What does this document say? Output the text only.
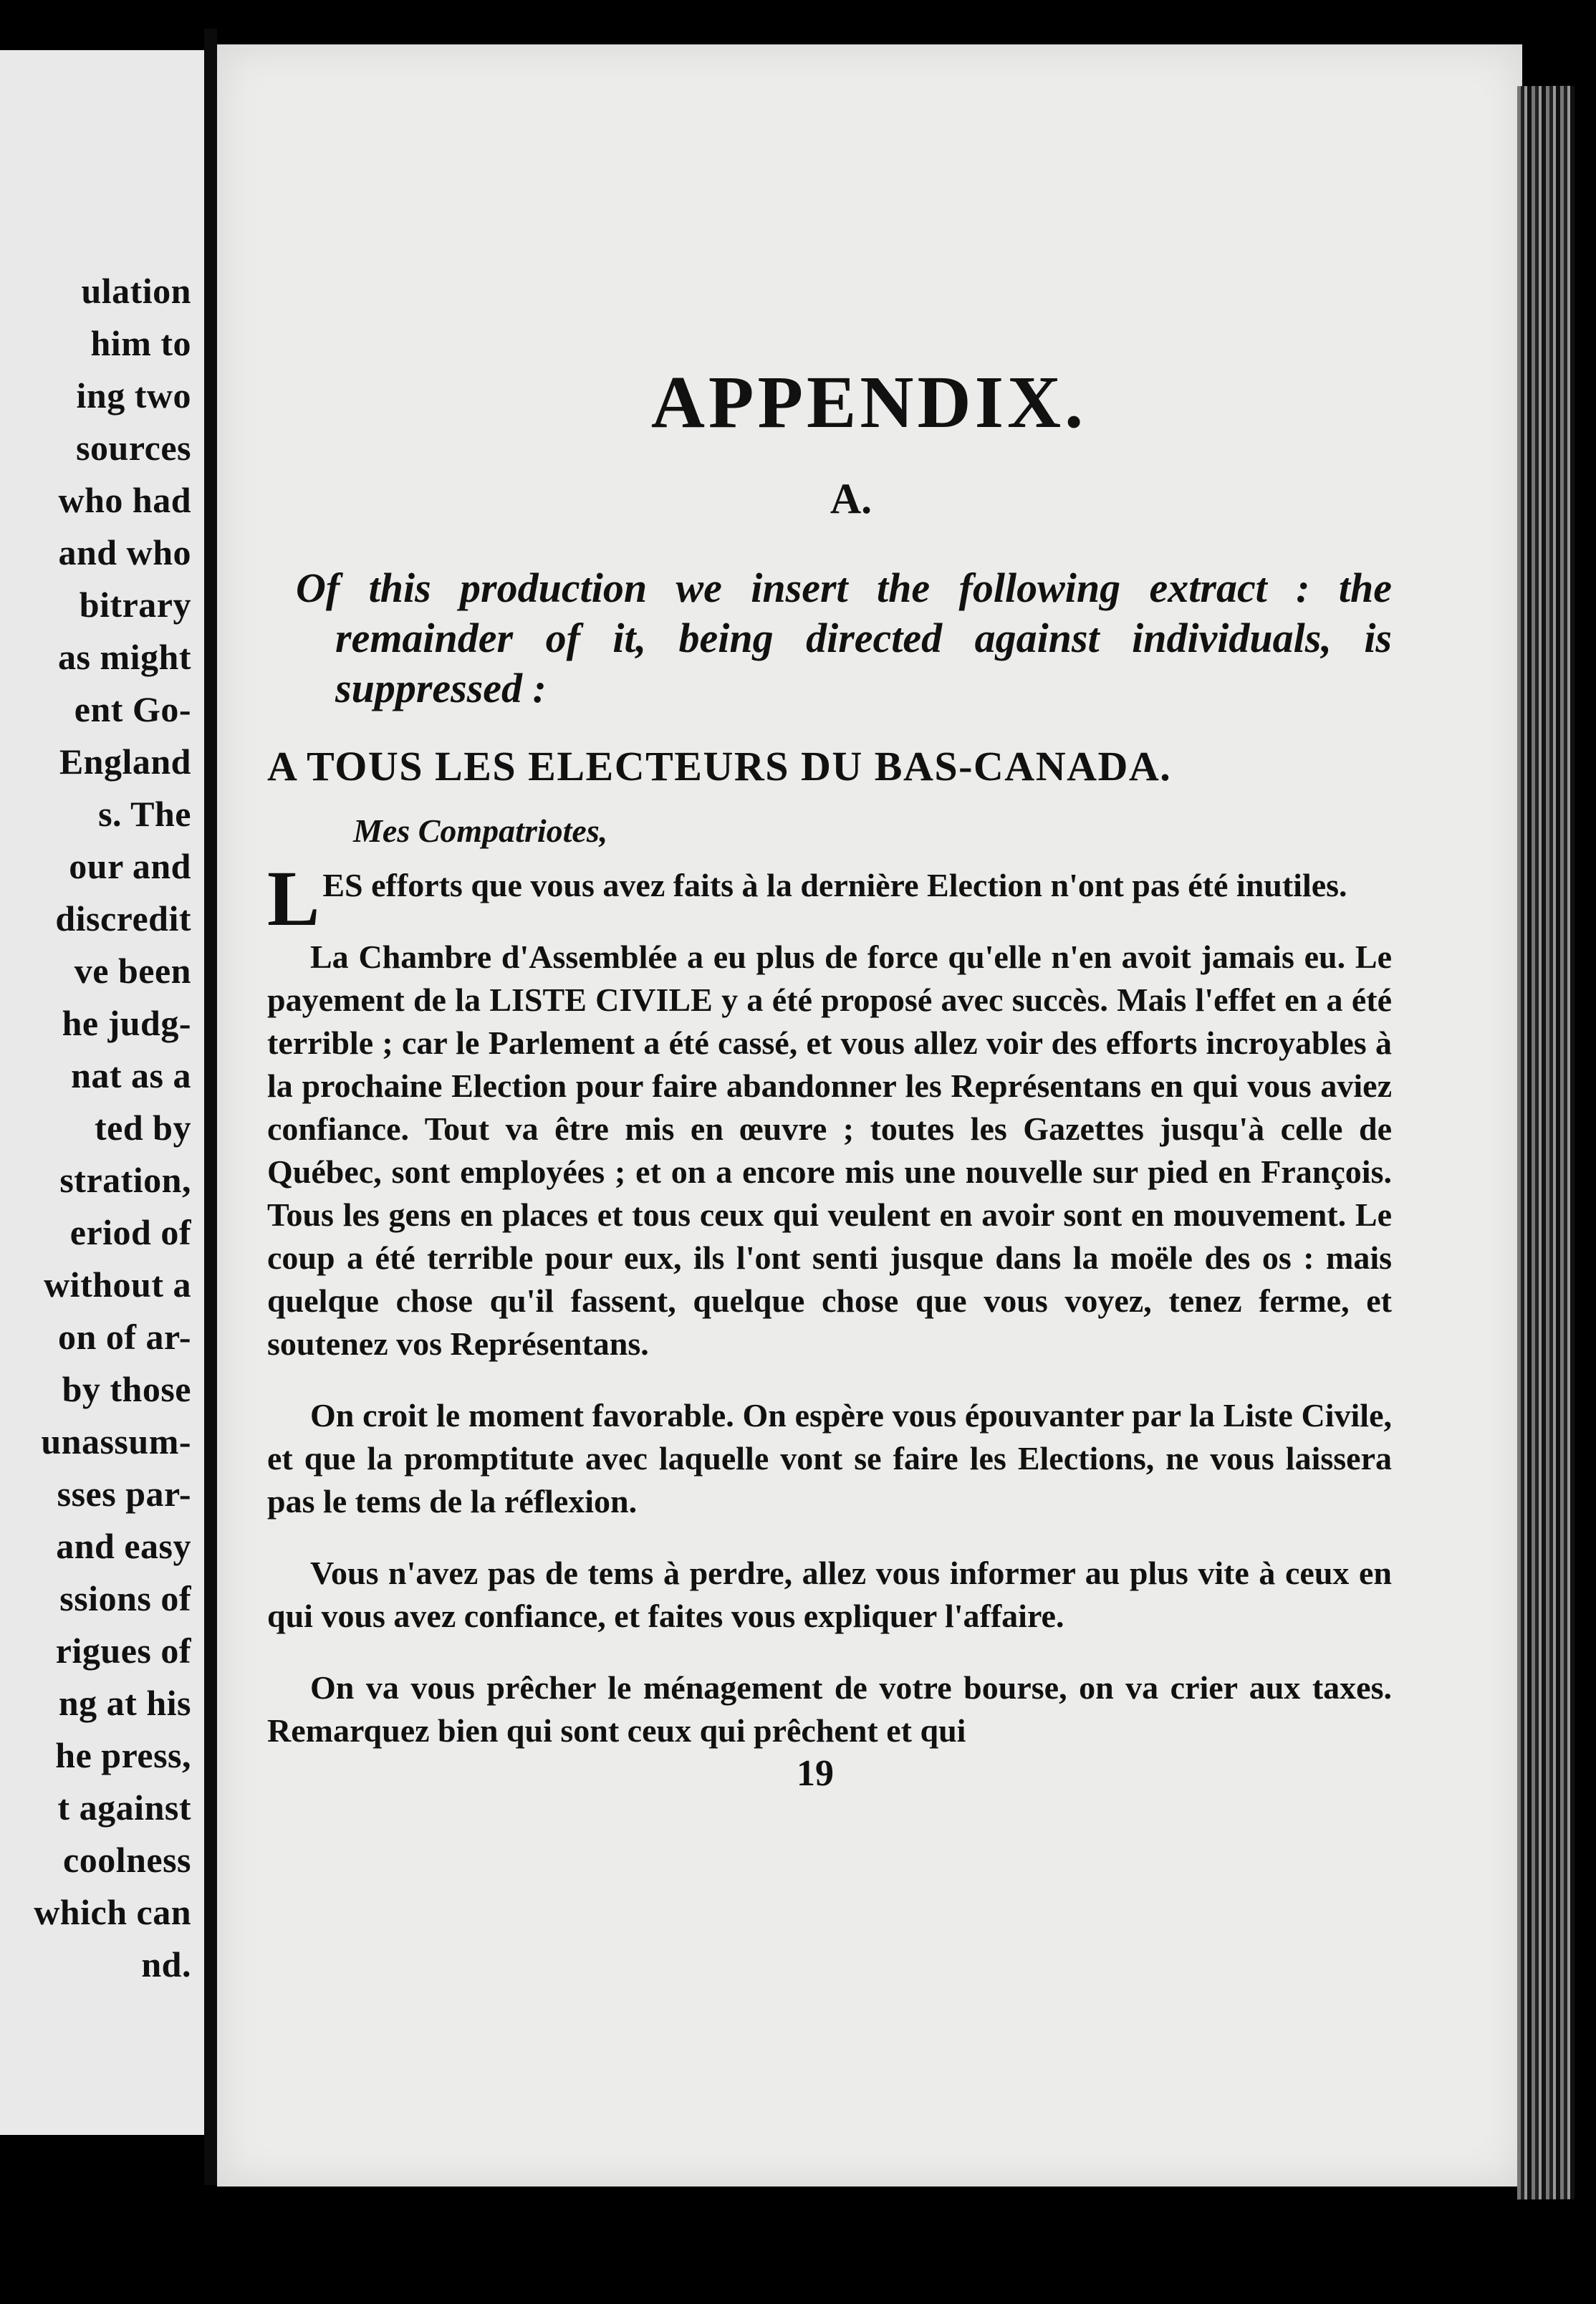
ulation
him to
ing two
sources
who had
and who
bitrary
as might
ent Go-
England
s. The
our and
discredit
ve been
he judg-
nat as a
ted by
stration,
eriod of
without a
on of ar-
by those
unassum-
sses par-
and easy
ssions of
rigues of
ng at his
he press,
t against
coolness
which can
nd.
APPENDIX.
A.
Of this production we insert the following extract : the remainder of it, being directed against individuals, is suppressed :
A TOUS LES ELECTEURS DU BAS-CANADA.
Mes Compatriotes,
LES efforts que vous avez faits à la dernière Election n'ont pas été inutiles.
La Chambre d'Assemblée a eu plus de force qu'elle n'en avoit jamais eu. Le payement de la LISTE CIVILE y a été proposé avec succès. Mais l'effet en a été terrible ; car le Parlement a été cassé, et vous allez voir des efforts incroyables à la prochaine Election pour faire abandonner les Représentans en qui vous aviez confiance. Tout va être mis en œuvre ; toutes les Gazettes jusqu'à celle de Québec, sont employées ; et on a encore mis une nouvelle sur pied en François. Tous les gens en places et tous ceux qui veulent en avoir sont en mouvement. Le coup a été terrible pour eux, ils l'ont senti jusque dans la moële des os : mais quelque chose qu'il fassent, quelque chose que vous voyez, tenez ferme, et soutenez vos Représentans.
On croit le moment favorable. On espère vous épouvanter par la Liste Civile, et que la promptitute avec laquelle vont se faire les Elections, ne vous laissera pas le tems de la réflexion.
Vous n'avez pas de tems à perdre, allez vous informer au plus vite à ceux en qui vous avez confiance, et faites vous expliquer l'affaire.
On va vous prêcher le ménagement de votre bourse, on va crier aux taxes. Remarquez bien qui sont ceux qui prêchent et qui
19
